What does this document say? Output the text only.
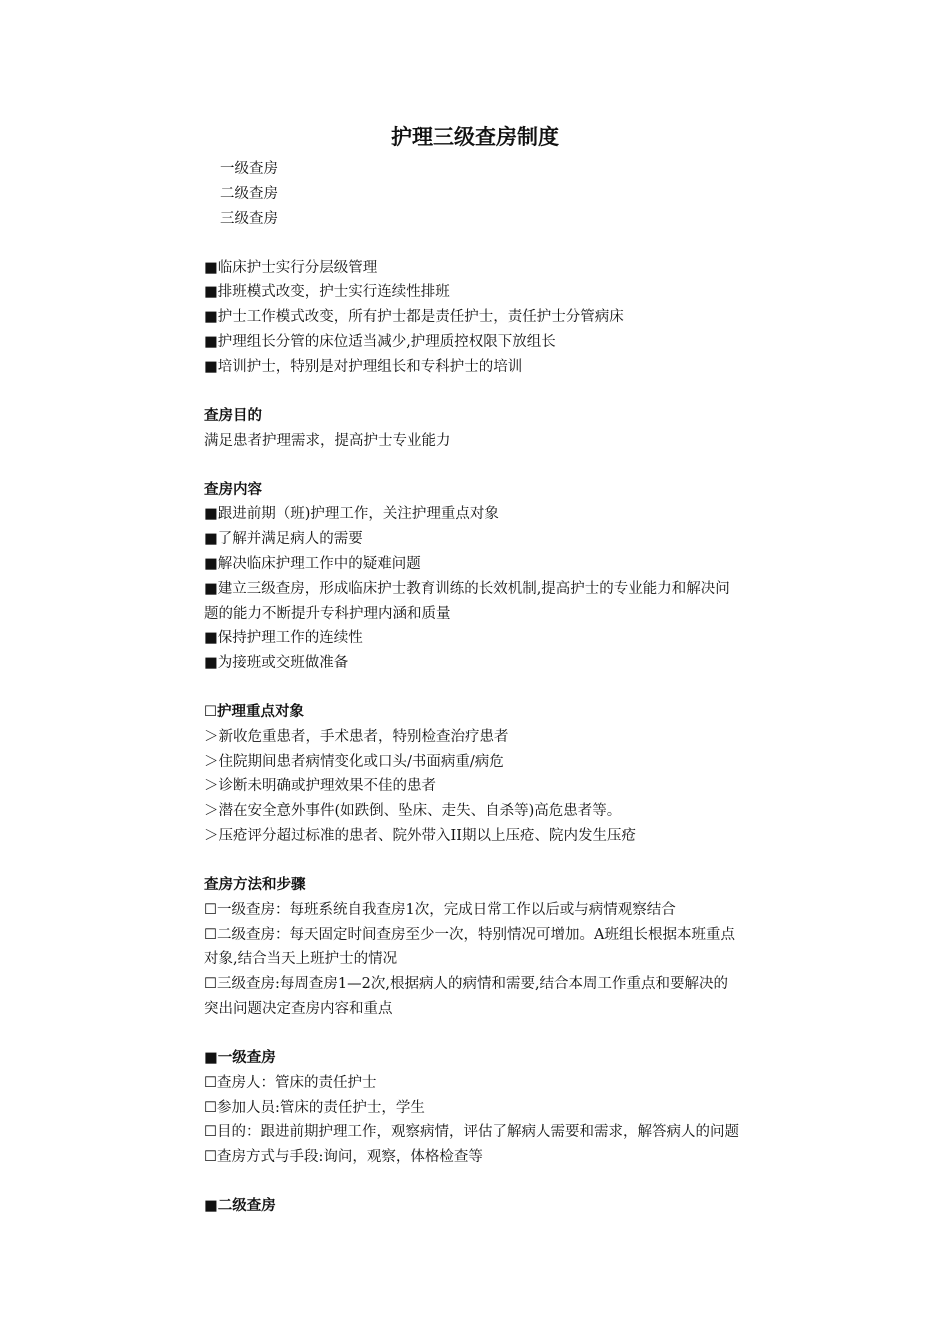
护理三级查房制度
一级查房
二级查房
三级查房
■临床护士实行分层级管理
■排班模式改变，护士实行连续性排班
■护士工作模式改变，所有护士都是责任护士，责任护士分管病床
■护理组长分管的床位适当减少,护理质控权限下放组长
■培训护士，特别是对护理组长和专科护士的培训
查房目的
满足患者护理需求，提高护士专业能力
查房内容
■跟进前期（班)护理工作，关注护理重点对象
■了解并满足病人的需要
■解决临床护理工作中的疑难问题
■建立三级查房，形成临床护士教育训练的长效机制,提高护士的专业能力和解决问
题的能力不断提升专科护理内涵和质量
■保持护理工作的连续性
■为接班或交班做准备
☐护理重点对象
＞新收危重患者，手术患者，特别检查治疗患者
＞住院期间患者病情变化或口头/书面病重/病危
＞诊断未明确或护理效果不佳的患者
＞潜在安全意外事件(如跌倒、坠床、走失、自杀等)高危患者等。
＞压疮评分超过标准的患者、院外带入II期以上压疮、院内发生压疮
查房方法和步骤
☐一级查房：每班系统自我查房1次，完成日常工作以后或与病情观察结合
☐二级查房：每天固定时间查房至少一次，特别情况可增加。A班组长根据本班重点
对象,结合当天上班护士的情况
☐三级查房:每周查房1—2次,根据病人的病情和需要,结合本周工作重点和要解决的
突出问题决定查房内容和重点
■一级查房
☐查房人：管床的责任护士
☐参加人员:管床的责任护士，学生
☐目的：跟进前期护理工作，观察病情，评估了解病人需要和需求，解答病人的问题
☐查房方式与手段:询问，观察，体格检查等
■二级查房
